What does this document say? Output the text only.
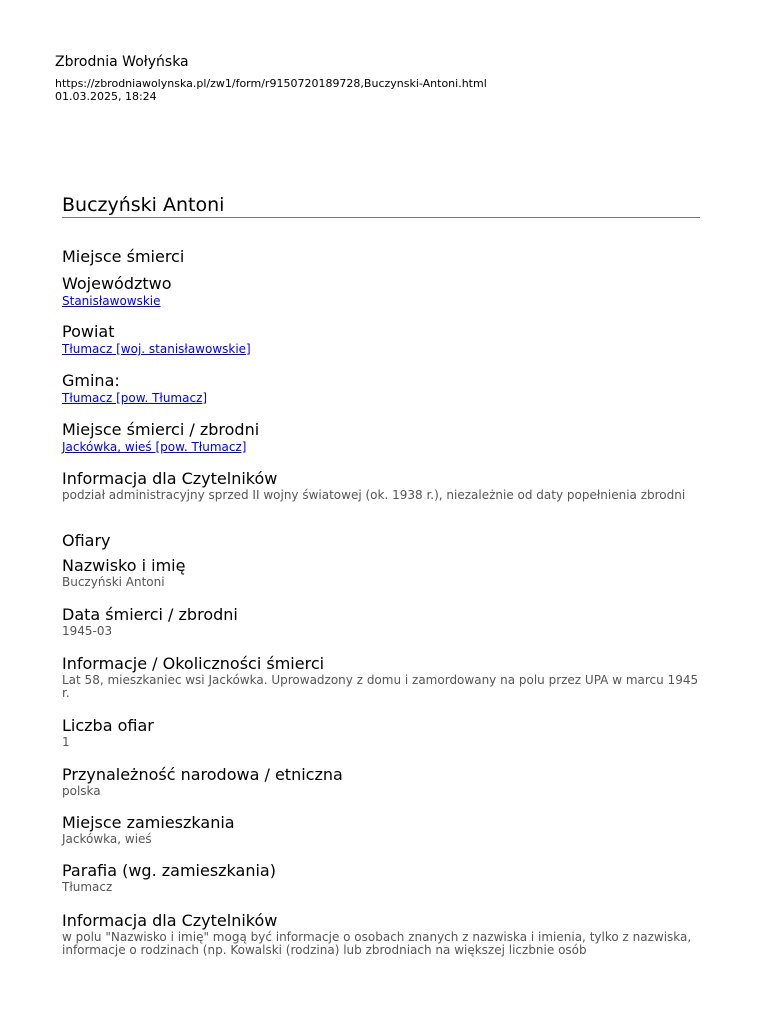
Zbrodnia Wołyńska
https://zbrodniawolynska.pl/zw1/form/r9150720189728,Buczynski-Antoni.html
01.03.2025, 18:24
Buczyński Antoni
Miejsce śmierci
Województwo
Stanisławowskie
Powiat
Tłumacz [woj. stanisławowskie]
Gmina:
Tłumacz [pow. Tłumacz]
Miejsce śmierci / zbrodni
Jackówka, wieś [pow. Tłumacz]
Informacja dla Czytelników
podział administracyjny sprzed II wojny światowej (ok. 1938 r.), niezależnie od daty popełnienia zbrodni
Ofiary
Nazwisko i imię
Buczyński Antoni
Data śmierci / zbrodni
1945-03
Informacje / Okoliczności śmierci
Lat 58, mieszkaniec wsi Jackówka. Uprowadzony z domu i zamordowany na polu przez UPA w marcu 1945 r.
Liczba ofiar
1
Przynależność narodowa / etniczna
polska
Miejsce zamieszkania
Jackówka, wieś
Parafia (wg. zamieszkania)
Tłumacz
Informacja dla Czytelników
w polu "Nazwisko i imię" mogą być informacje o osobach znanych z nazwiska i imienia, tylko z nazwiska, informacje o rodzinach (np. Kowalski (rodzina) lub zbrodniach na większej liczbnie osób
